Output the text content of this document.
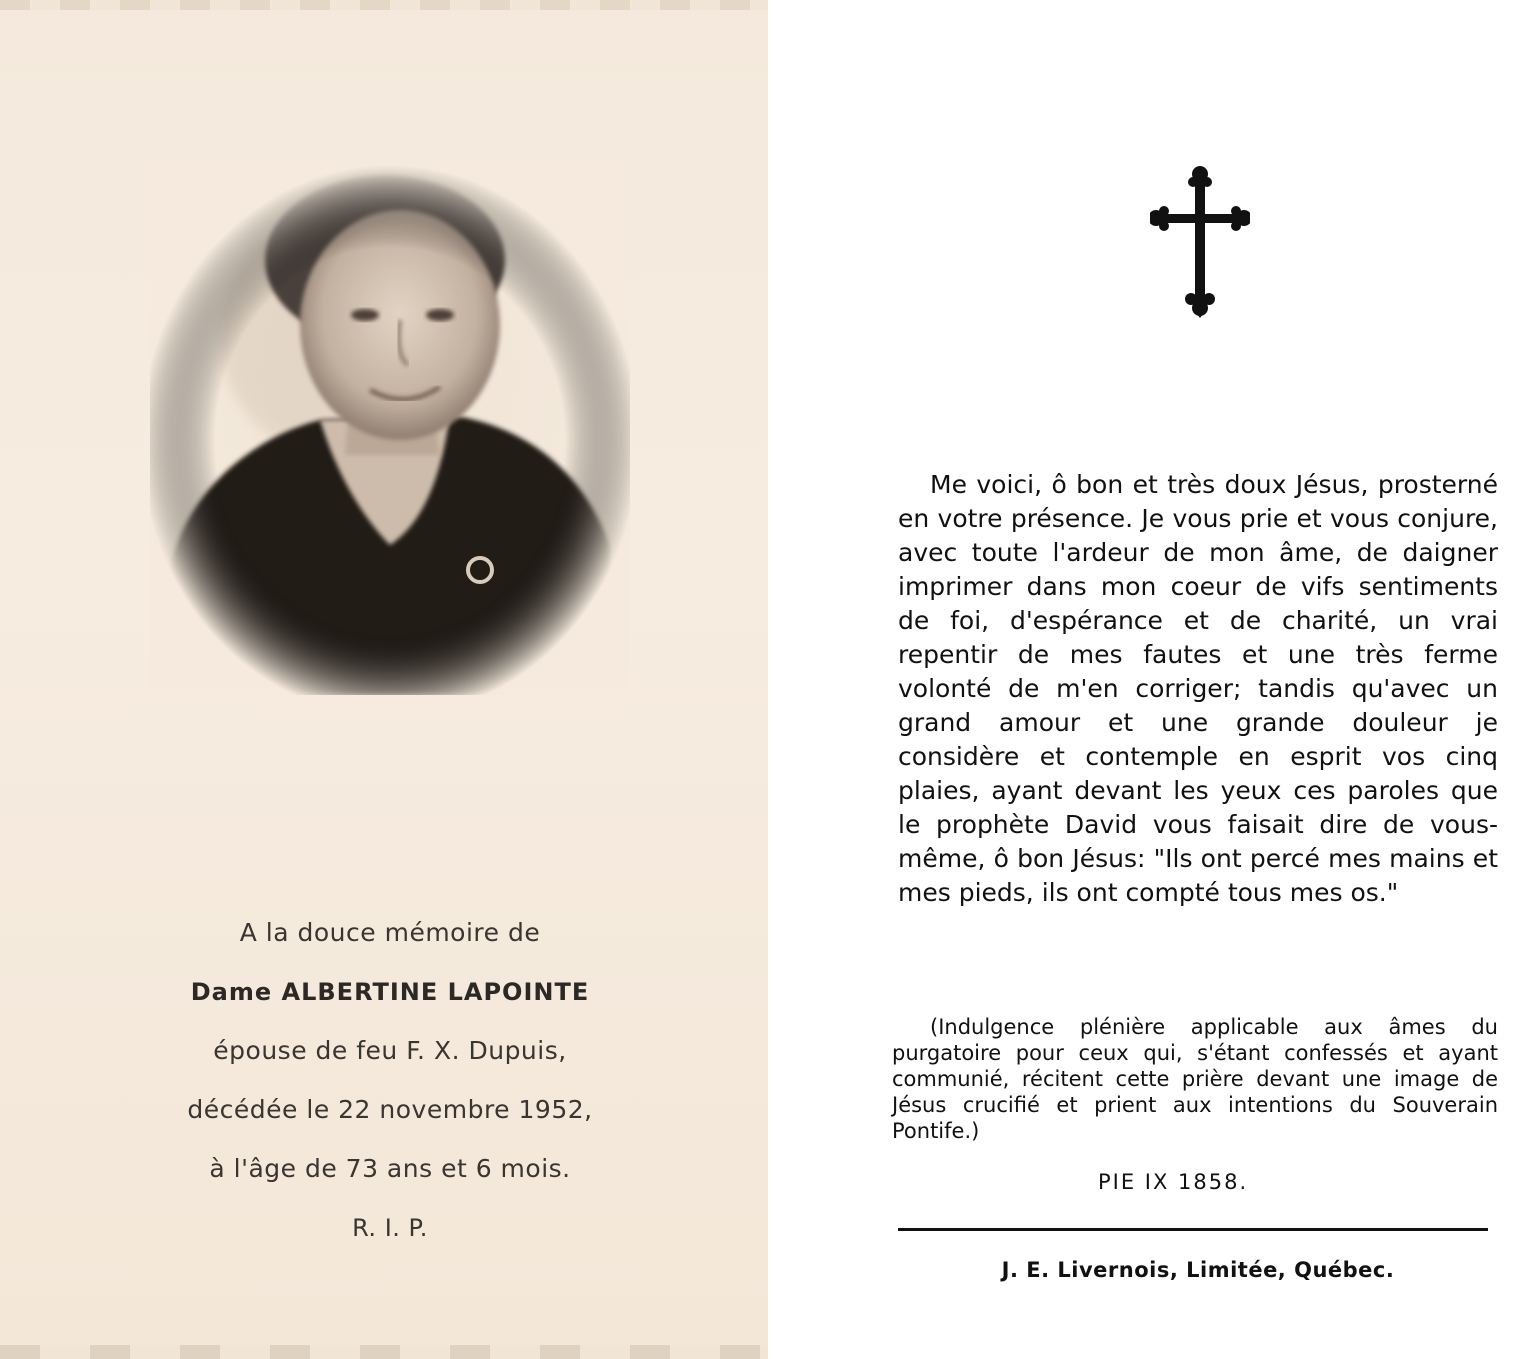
A la douce mémoire de

Dame ALBERTINE LAPOINTE

épouse de feu F. X. Dupuis,

décédée le 22 novembre 1952,

à l'âge de 73 ans et 6 mois.

R. I. P.

Me voici, ô bon et très doux Jésus, prosterné en votre présence. Je vous prie et vous conjure, avec toute l'ardeur de mon âme, de daigner imprimer dans mon coeur de vifs sentiments de foi, d'espérance et de charité, un vrai repentir de mes fautes et une très ferme volonté de m'en corriger; tandis qu'avec un grand amour et une grande douleur je considère et contemple en esprit vos cinq plaies, ayant devant les yeux ces paroles que le prophète David vous faisait dire de vous-même, ô bon Jésus: "Ils ont percé mes mains et mes pieds, ils ont compté tous mes os."

(Indulgence plénière applicable aux âmes du purgatoire pour ceux qui, s'étant confessés et ayant communié, récitent cette prière devant une image de Jésus crucifié et prient aux intentions du Souverain Pontife.)

PIE IX 1858.
J. E. Livernois, Limitée, Québec.
